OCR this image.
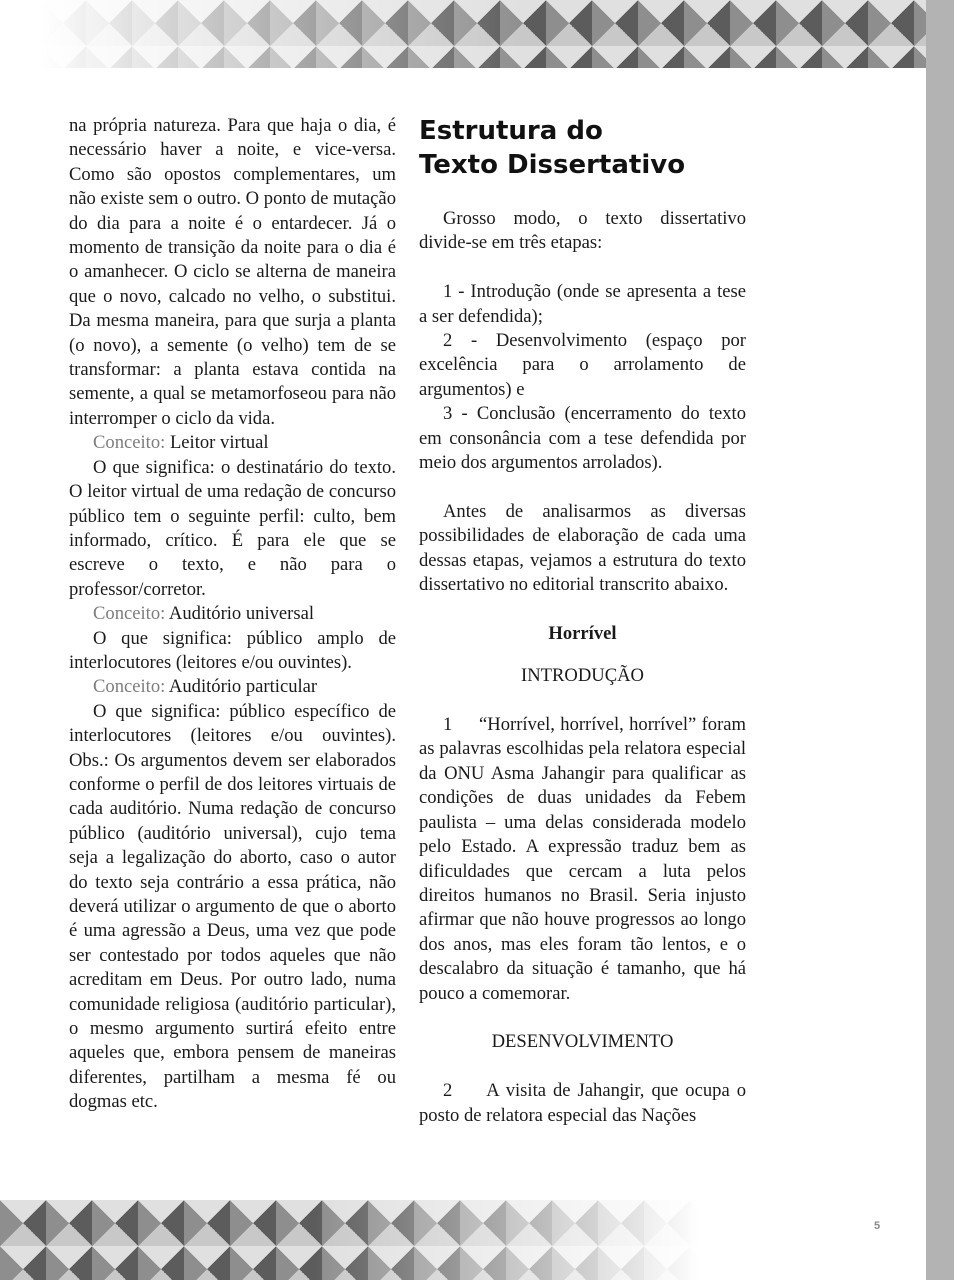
na própria natureza. Para que haja o dia, é necessário haver a noite, e vice-versa. Como são opostos complementares, um não existe sem o outro. O ponto de mutação do dia para a noite é o entardecer. Já o momento de transição da noite para o dia é o amanhecer. O ciclo se alterna de maneira que o novo, calcado no velho, o substitui. Da mesma maneira, para que surja a planta (o novo), a semente (o velho) tem de se transformar: a planta estava contida na semente, a qual se metamorfoseou para não interromper o ciclo da vida.

Conceito: Leitor virtual

O que significa: o destinatário do texto. O leitor virtual de uma redação de concurso público tem o seguinte perfil: culto, bem informado, crítico. É para ele que se escreve o texto, e não para o professor/corretor.

Conceito: Auditório universal

O que significa: público amplo de interlocutores (leitores e/ou ouvintes).

Conceito: Auditório particular

O que significa: público específico de interlocutores (leitores e/ou ouvintes). Obs.: Os argumentos devem ser elaborados conforme o perfil de dos leitores virtuais de cada auditório. Numa redação de concurso público (auditório universal), cujo tema seja a legalização do aborto, caso o autor do texto seja contrário a essa prática, não deverá utilizar o argumento de que o aborto é uma agressão a Deus, uma vez que pode ser contestado por todos aqueles que não acreditam em Deus. Por outro lado, numa comunidade religiosa (auditório particular), o mesmo argumento surtirá efeito entre aqueles que, embora pensem de maneiras diferentes, partilham a mesma fé ou dogmas etc.

Estrutura do
Texto Dissertativo

Grosso modo, o texto dissertativo divide-se em três etapas:

1 - Introdução (onde se apresenta a tese a ser defendida);

2 - Desenvolvimento (espaço por excelência para o arrolamento de argumentos) e

3 - Conclusão (encerramento do texto em consonância com a tese defendida por meio dos argumentos arrolados).

Antes de analisarmos as diversas possibilidades de elaboração de cada uma dessas etapas, vejamos a estrutura do texto dissertativo no editorial transcrito abaixo.

Horrível

INTRODUÇÃO

1     “Horrível, horrível, horrível” foram as palavras escolhidas pela relatora especial da ONU Asma Jahangir para qualificar as condições de duas unidades da Febem paulista – uma delas considerada modelo pelo Estado. A expressão traduz bem as dificuldades que cercam a luta pelos direitos humanos no Brasil. Seria injusto afirmar que não houve progressos ao longo dos anos, mas eles foram tão lentos, e o descalabro da situação é tamanho, que há pouco a comemorar.

DESENVOLVIMENTO

2     A visita de Jahangir, que ocupa o posto de relatora especial das Nações

5
